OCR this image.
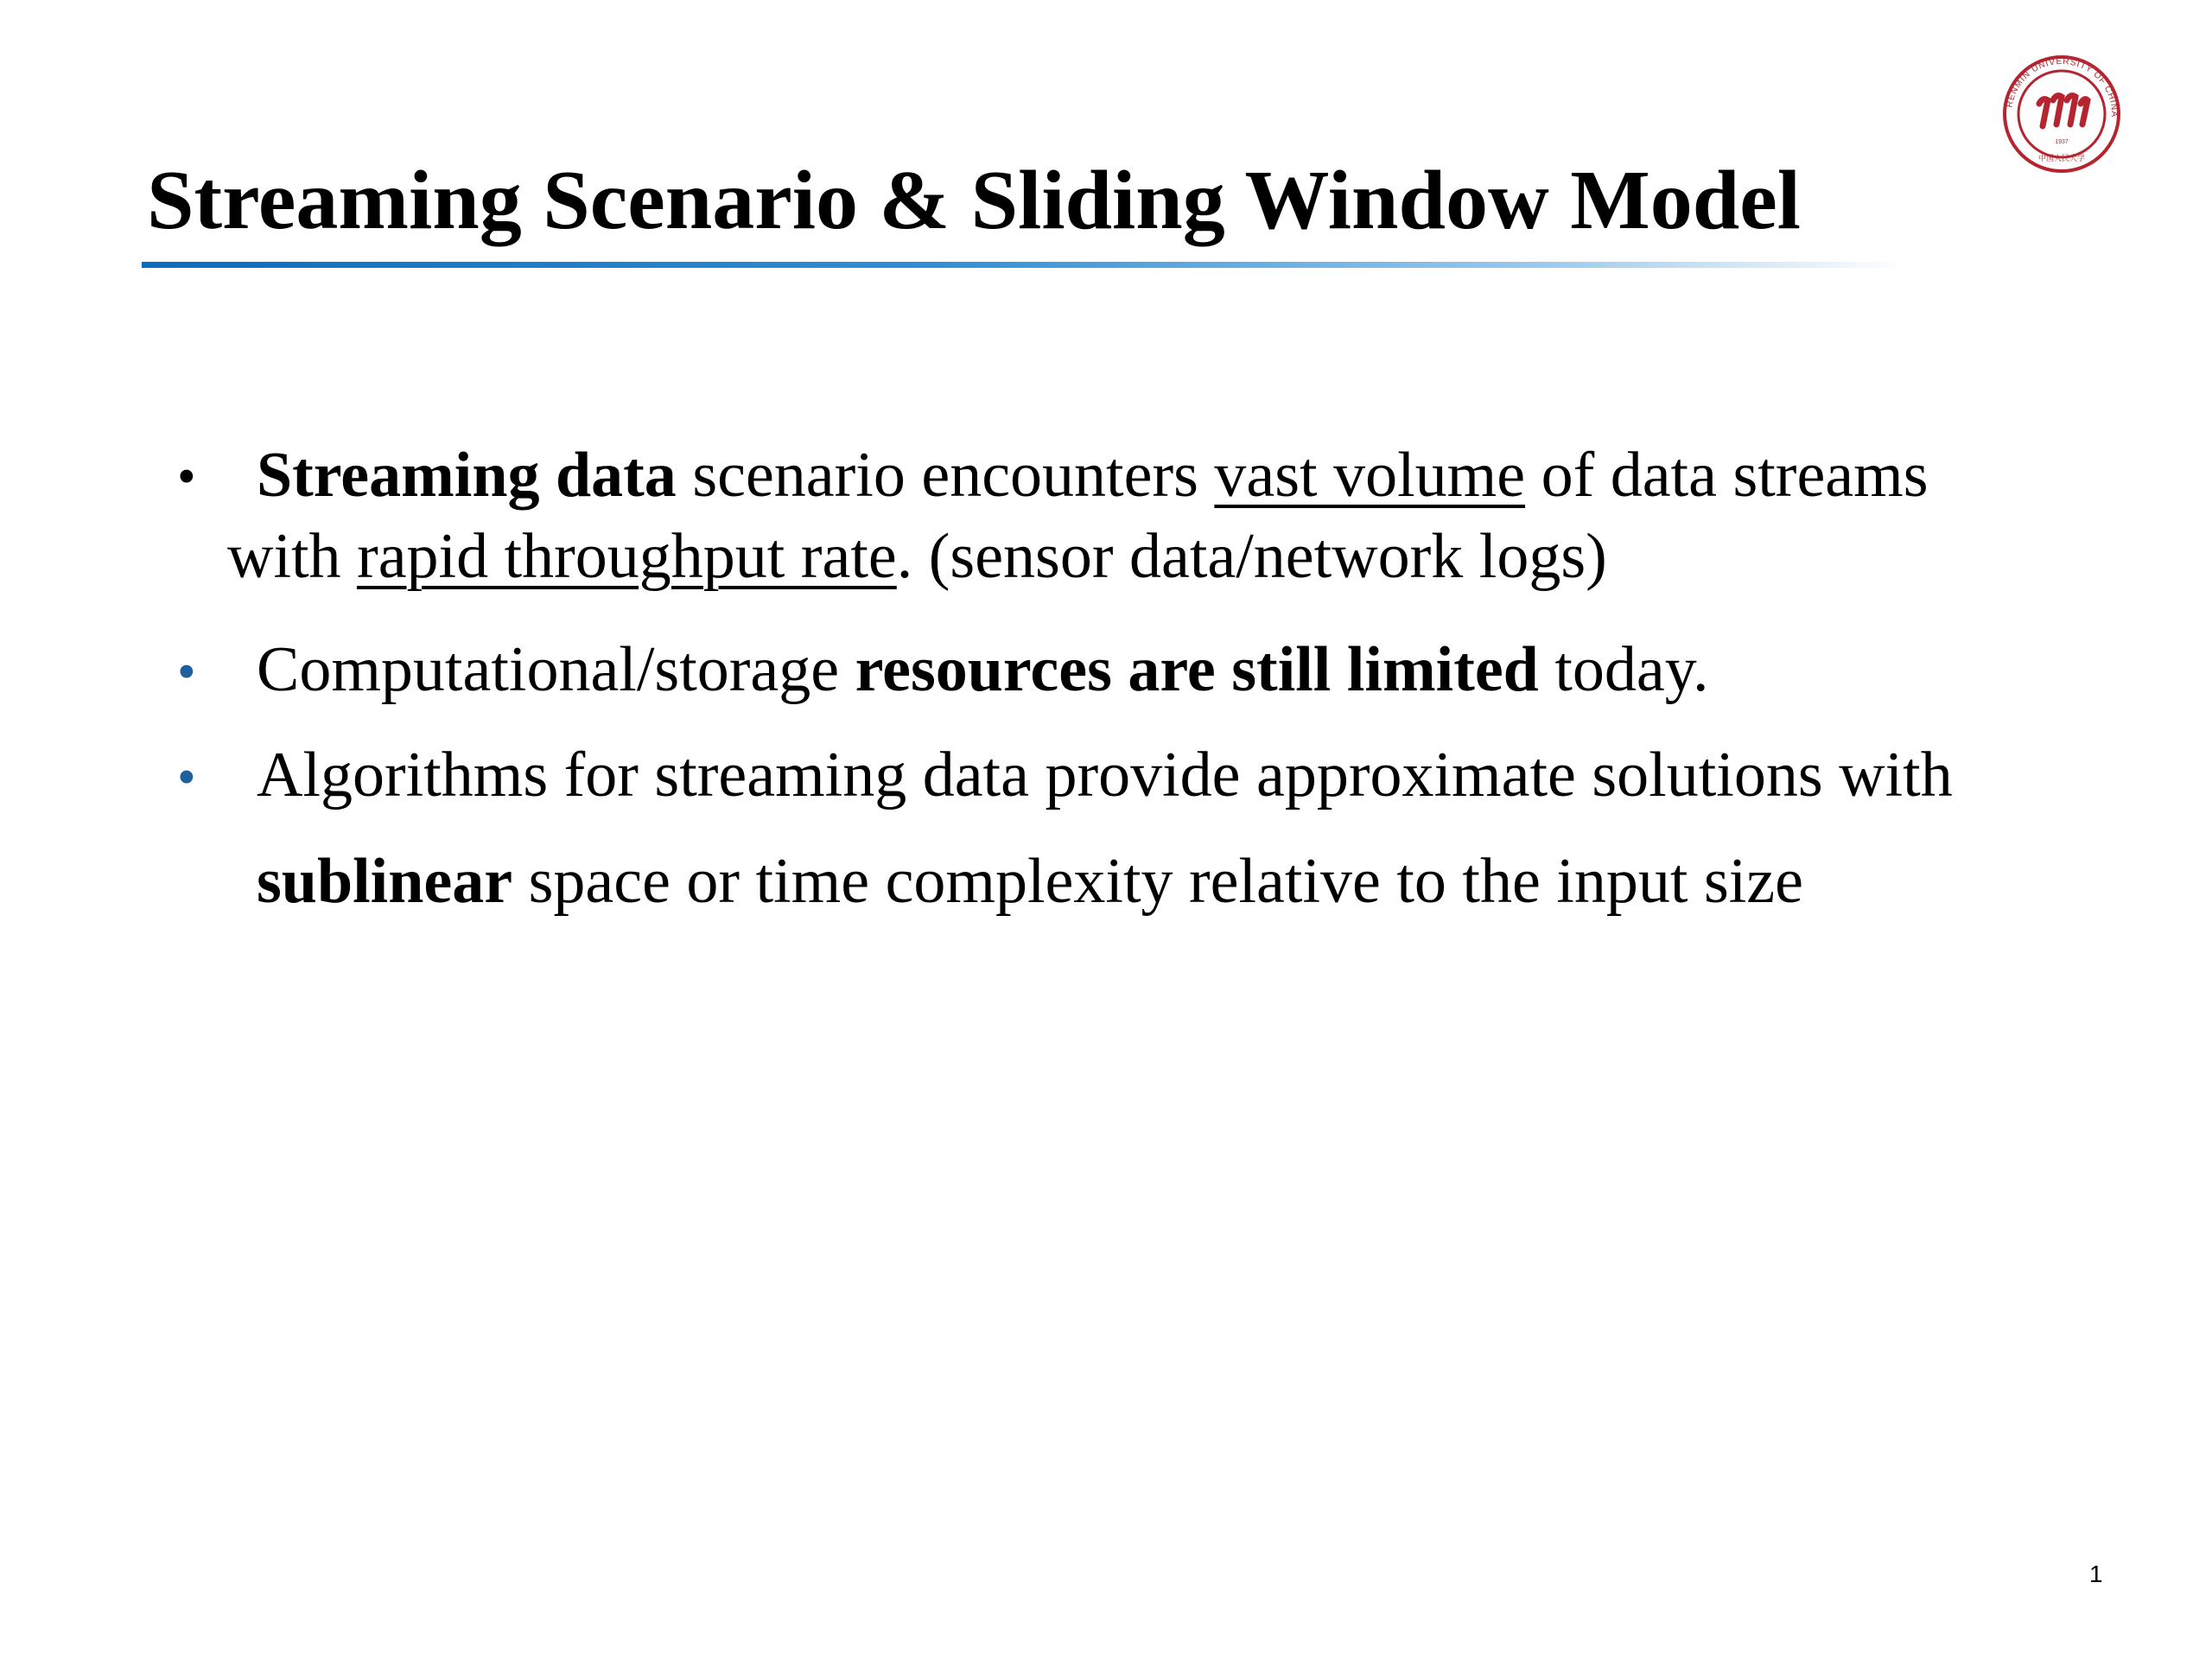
RENMIN UNIVERSITY OF CHINA
1937
中国人民大学
Streaming Scenario & Sliding Window Model
• Streaming data scenario encounters vast volume of data streams
with rapid throughput rate. (sensor data/network logs)
• Computational/storage resources are still limited today.
• Algorithms for streaming data provide approximate solutions with
sublinear space or time complexity relative to the input size
1
